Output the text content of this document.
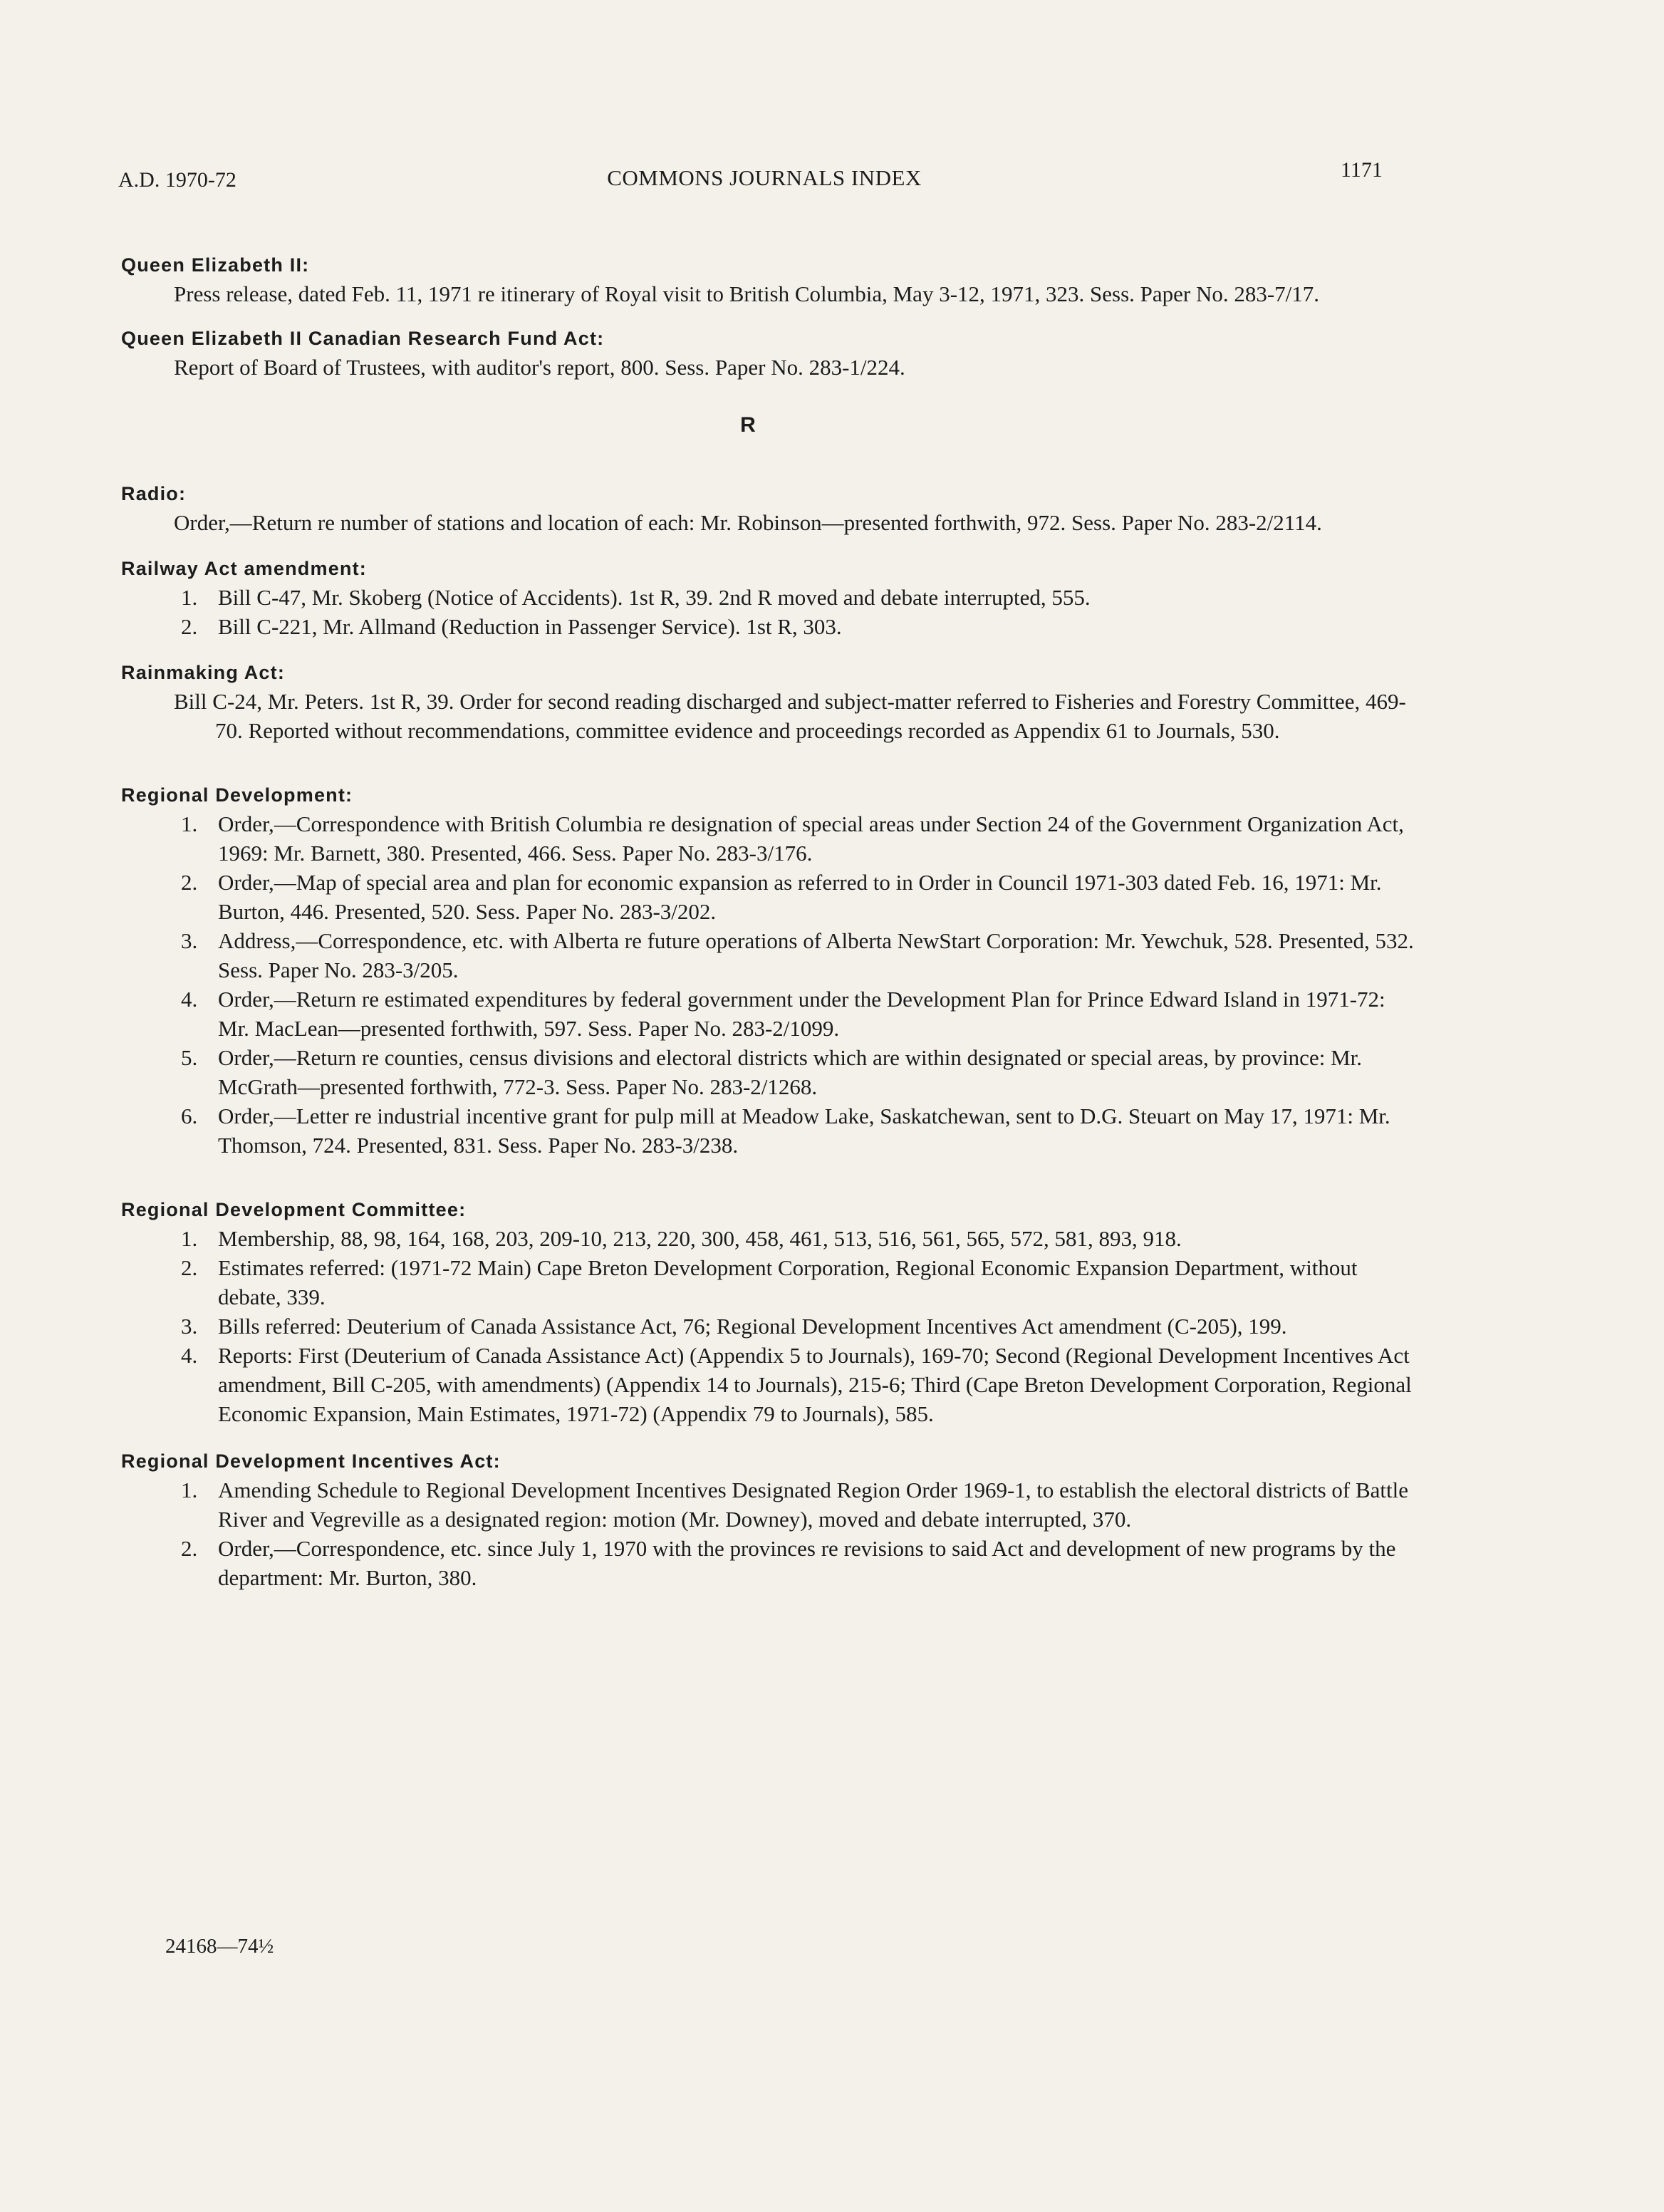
A.D. 1970-72	COMMONS JOURNALS INDEX	1171
Queen Elizabeth II:
Press release, dated Feb. 11, 1971 re itinerary of Royal visit to British Columbia, May 3-12, 1971, 323. Sess. Paper No. 283-7/17.
Queen Elizabeth II Canadian Research Fund Act:
Report of Board of Trustees, with auditor's report, 800. Sess. Paper No. 283-1/224.
R
Radio:
Order,—Return re number of stations and location of each: Mr. Robinson—presented forthwith, 972. Sess. Paper No. 283-2/2114.
Railway Act amendment:
1. Bill C-47, Mr. Skoberg (Notice of Accidents). 1st R, 39. 2nd R moved and debate interrupted, 555.
2. Bill C-221, Mr. Allmand (Reduction in Passenger Service). 1st R, 303.
Rainmaking Act:
Bill C-24, Mr. Peters. 1st R, 39. Order for second reading discharged and subject-matter referred to Fisheries and Forestry Committee, 469-70. Reported without recommendations, committee evidence and proceedings recorded as Appendix 61 to Journals, 530.
Regional Development:
1. Order,—Correspondence with British Columbia re designation of special areas under Section 24 of the Government Organization Act, 1969: Mr. Barnett, 380. Presented, 466. Sess. Paper No. 283-3/176.
2. Order,—Map of special area and plan for economic expansion as referred to in Order in Council 1971-303 dated Feb. 16, 1971: Mr. Burton, 446. Presented, 520. Sess. Paper No. 283-3/202.
3. Address,—Correspondence, etc. with Alberta re future operations of Alberta NewStart Corporation: Mr. Yewchuk, 528. Presented, 532. Sess. Paper No. 283-3/205.
4. Order,—Return re estimated expenditures by federal government under the Development Plan for Prince Edward Island in 1971-72: Mr. MacLean—presented forthwith, 597. Sess. Paper No. 283-2/1099.
5. Order,—Return re counties, census divisions and electoral districts which are within designated or special areas, by province: Mr. McGrath—presented forthwith, 772-3. Sess. Paper No. 283-2/1268.
6. Order,—Letter re industrial incentive grant for pulp mill at Meadow Lake, Saskatchewan, sent to D.G. Steuart on May 17, 1971: Mr. Thomson, 724. Presented, 831. Sess. Paper No. 283-3/238.
Regional Development Committee:
1. Membership, 88, 98, 164, 168, 203, 209-10, 213, 220, 300, 458, 461, 513, 516, 561, 565, 572, 581, 893, 918.
2. Estimates referred: (1971-72 Main) Cape Breton Development Corporation, Regional Economic Expansion Department, without debate, 339.
3. Bills referred: Deuterium of Canada Assistance Act, 76; Regional Development Incentives Act amendment (C-205), 199.
4. Reports: First (Deuterium of Canada Assistance Act) (Appendix 5 to Journals), 169-70; Second (Regional Development Incentives Act amendment, Bill C-205, with amendments) (Appendix 14 to Journals), 215-6; Third (Cape Breton Development Corporation, Regional Economic Expansion, Main Estimates, 1971-72) (Appendix 79 to Journals), 585.
Regional Development Incentives Act:
1. Amending Schedule to Regional Development Incentives Designated Region Order 1969-1, to establish the electoral districts of Battle River and Vegreville as a designated region: motion (Mr. Downey), moved and debate interrupted, 370.
2. Order,—Correspondence, etc. since July 1, 1970 with the provinces re revisions to said Act and development of new programs by the department: Mr. Burton, 380.
24168—74½
